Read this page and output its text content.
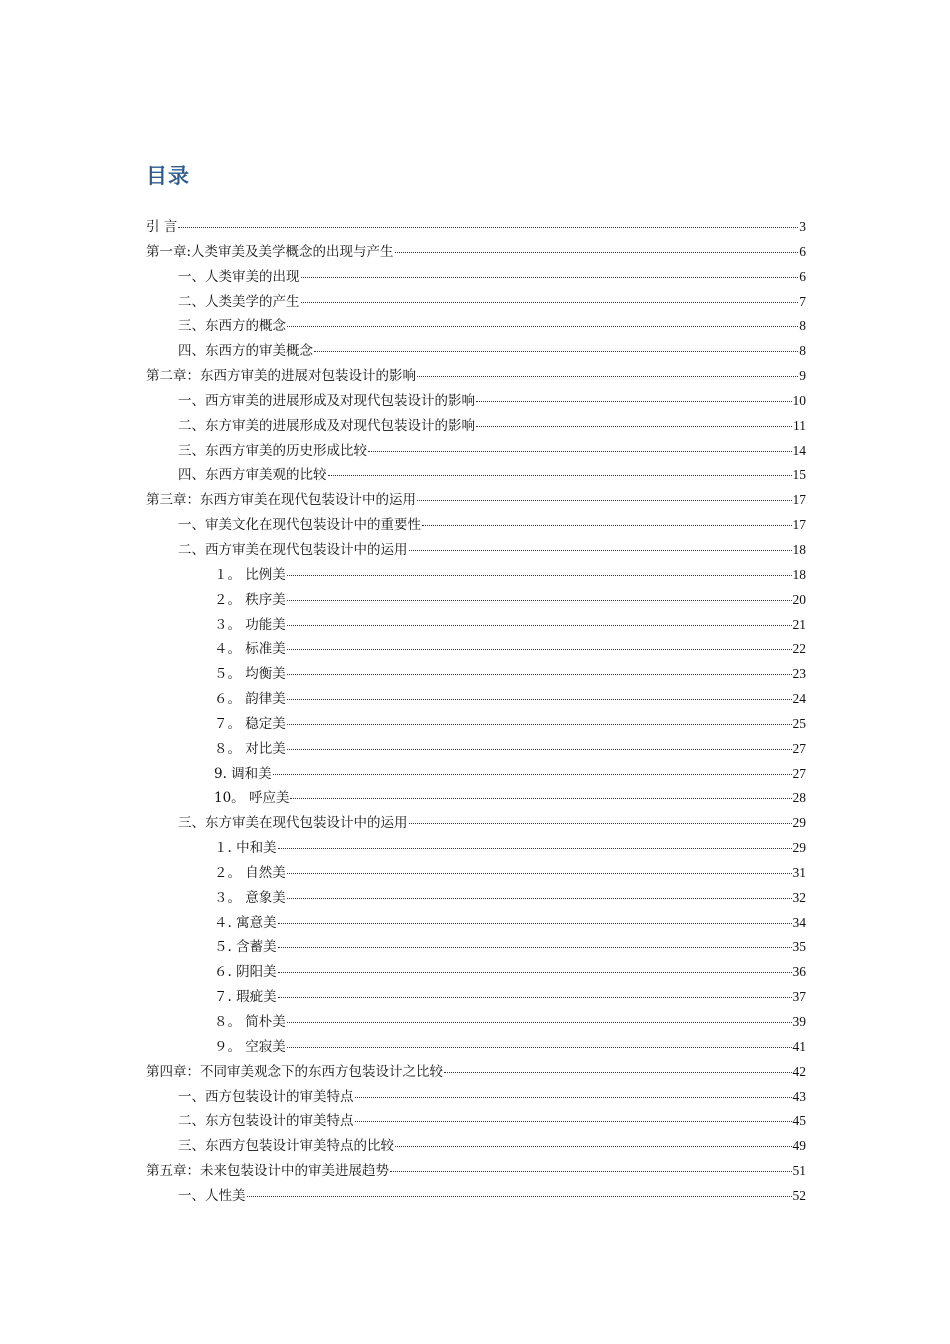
目录
引 言	3
第一章:人类审美及美学概念的出现与产生	6
一、人类审美的出现	6
二、人类美学的产生	7
三、东西方的概念	8
四、东西方的审美概念	8
第二章：东西方审美的进展对包装设计的影响	9
一、西方审美的进展形成及对现代包装设计的影响	10
二、东方审美的进展形成及对现代包装设计的影响	11
三、东西方审美的历史形成比较	14
四、东西方审美观的比较	15
第三章：东西方审美在现代包装设计中的运用	17
一、审美文化在现代包装设计中的重要性	17
二、西方审美在现代包装设计中的运用	18
１。 比例美	18
２。 秩序美	20
３。 功能美	21
４。 标准美	22
５。 均衡美	23
６。 韵律美	24
７。 稳定美	25
８。 对比美	27
9. 调和美	27
10。 呼应美	28
三、东方审美在现代包装设计中的运用	29
１. 中和美	29
２。 自然美	31
３。 意象美	32
４. 寓意美	34
５. 含蓄美	35
６. 阴阳美	36
７. 瑕疵美	37
８。 简朴美	39
９。 空寂美	41
第四章：不同审美观念下的东西方包装设计之比较	42
一、西方包装设计的审美特点	43
二、东方包装设计的审美特点	45
三、东西方包装设计审美特点的比较	49
第五章：未来包装设计中的审美进展趋势	51
一、人性美	52
